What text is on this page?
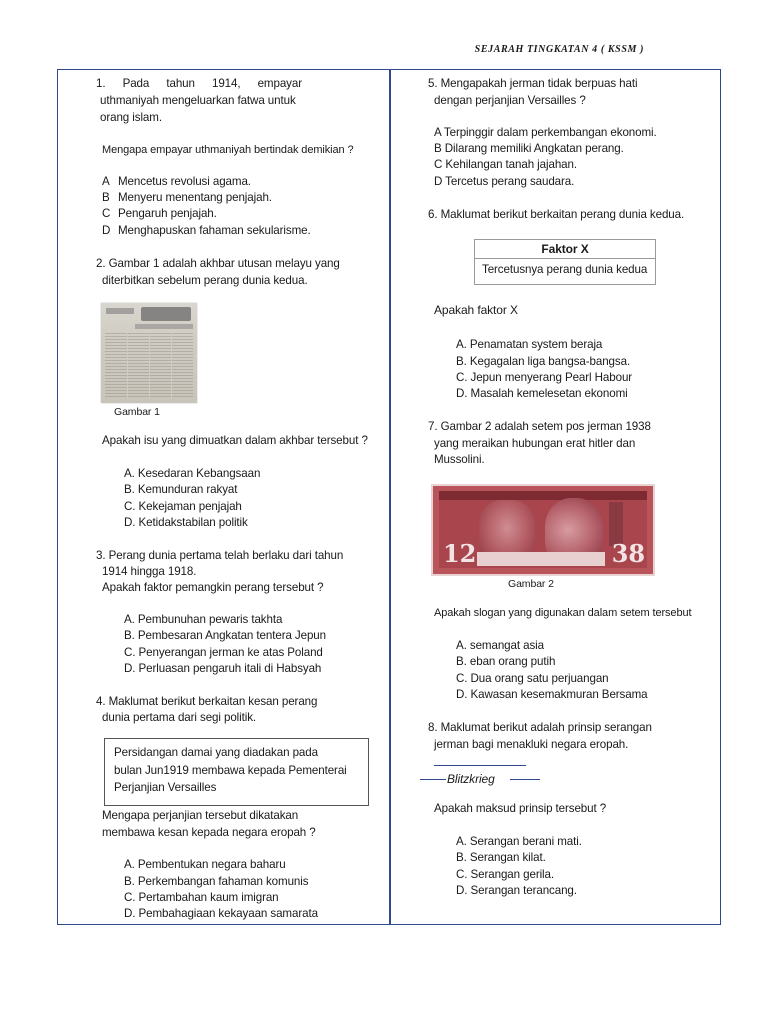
SEJARAH TINGKATAN 4 ( KSSM )
1. Pada tahun 1914, empayar
uthmaniyah mengeluarkan fatwa untuk
orang islam.
Mengapa empayar uthmaniyah bertindak demikian ?
A Mencetus revolusi agama.
B Menyeru menentang penjajah.
C Pengaruh penjajah.
D Menghapuskan fahaman sekularisme.
2. Gambar 1 adalah akhbar utusan melayu yang
diterbitkan sebelum perang dunia kedua.
Gambar 1
Apakah isu yang dimuatkan dalam akhbar tersebut ?
A. Kesedaran Kebangsaan
B. Kemunduran rakyat
C. Kekejaman penjajah
D. Ketidakstabilan politik
3. Perang dunia pertama telah berlaku dari tahun
1914 hingga 1918.
Apakah faktor pemangkin perang tersebut ?
A. Pembunuhan pewaris takhta
B. Pembesaran Angkatan tentera Jepun
C. Penyerangan jerman ke atas Poland
D. Perluasan pengaruh itali di Habsyah
4. Maklumat berikut berkaitan kesan perang
dunia pertama dari segi politik.
Persidangan damai yang diadakan pada
bulan Jun1919 membawa kepada Pementerai
Perjanjian Versailles
Mengapa perjanjian tersebut dikatakan
membawa kesan kepada negara eropah ?
A. Pembentukan negara baharu
B. Perkembangan fahaman komunis
C. Pertambahan kaum imigran
D. Pembahagiaan kekayaan samarata
5. Mengapakah jerman tidak berpuas hati
dengan perjanjian Versailles ?
A Terpinggir dalam perkembangan ekonomi.
B Dilarang memiliki Angkatan perang.
C Kehilangan tanah jajahan.
D Tercetus perang saudara.
6. Maklumat berikut berkaitan perang dunia kedua.
Faktor X
Tercetusnya perang dunia kedua
Apakah faktor X
A. Penamatan system beraja
B. Kegagalan liga bangsa-bangsa.
C. Jepun menyerang Pearl Habour
D. Masalah kemelesetan ekonomi
7. Gambar 2 adalah setem pos jerman 1938
yang meraikan hubungan erat hitler dan
Mussolini.
12	38
Gambar 2
Apakah slogan yang digunakan dalam setem tersebut
A. semangat asia
B. eban orang putih
C. Dua orang satu perjuangan
D. Kawasan kesemakmuran Bersama
8. Maklumat berikut adalah prinsip serangan
jerman bagi menakluki negara eropah.
Blitzkrieg
Apakah maksud prinsip tersebut ?
A. Serangan berani mati.
B. Serangan kilat.
C. Serangan gerila.
D. Serangan terancang.
